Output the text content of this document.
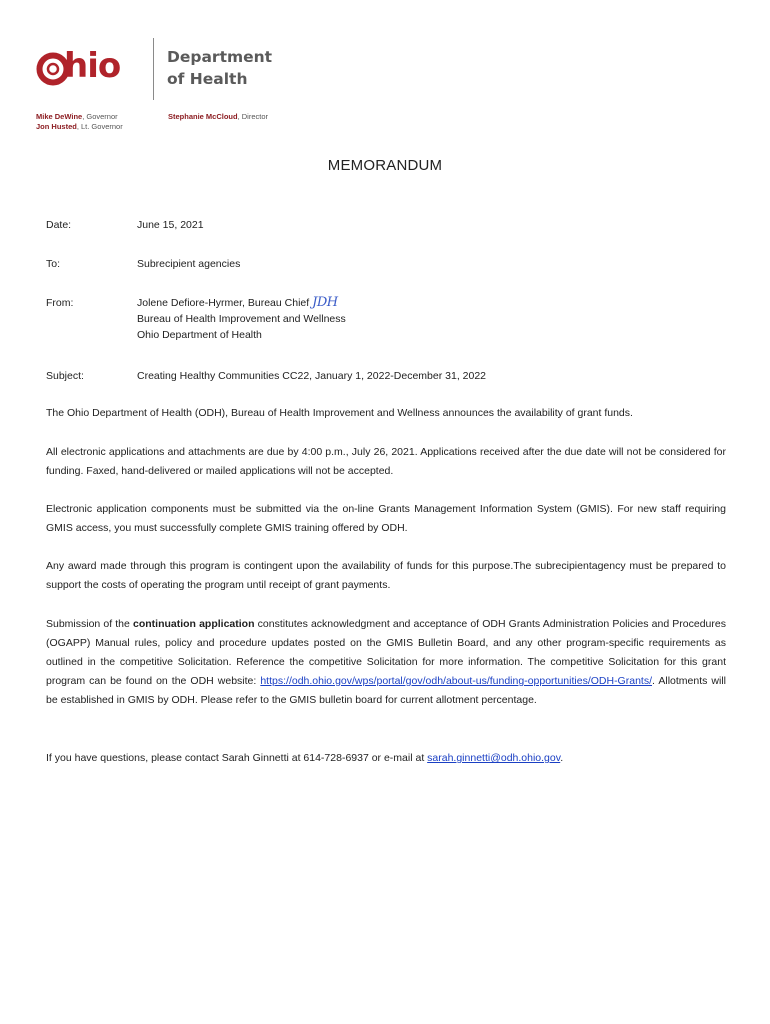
hio	Department
of Health
Mike DeWine, Governor
Jon Husted, Lt. Governor
Stephanie McCloud, Director
MEMORANDUM
Date:	June 15, 2021
To:	Subrecipient agencies
From:	Jolene Defiore-Hyrmer, Bureau Chief JDH
Bureau of Health Improvement and Wellness
Ohio Department of Health
Subject:	Creating Healthy Communities CC22, January 1, 2022-December 31, 2022
The Ohio Department of Health (ODH), Bureau of Health Improvement and Wellness announces the availability of grant funds.
All electronic applications and attachments are due by 4:00 p.m., July 26, 2021. Applications received after the due date will not be considered for funding. Faxed, hand-delivered or mailed applications will not be accepted.
Electronic application components must be submitted via the on-line Grants Management Information System (GMIS). For new staff requiring GMIS access, you must successfully complete GMIS training offered by ODH.
Any award made through this program is contingent upon the availability of funds for this purpose.The subrecipientagency must be prepared to support the costs of operating the program until receipt of grant payments.
Submission of the continuation application constitutes acknowledgment and acceptance of ODH Grants Administration Policies and Procedures (OGAPP) Manual rules, policy and procedure updates posted on the GMIS Bulletin Board, and any other program-specific requirements as outlined in the competitive Solicitation. Reference the competitive Solicitation for more information. The competitive Solicitation for this grant program can be found on the ODH website: https://odh.ohio.gov/wps/portal/gov/odh/about-us/funding-opportunities/ODH-Grants/. Allotments will be established in GMIS by ODH. Please refer to the GMIS bulletin board for current allotment percentage.
If you have questions, please contact Sarah Ginnetti at 614-728-6937 or e-mail at sarah.ginnetti@odh.ohio.gov.
